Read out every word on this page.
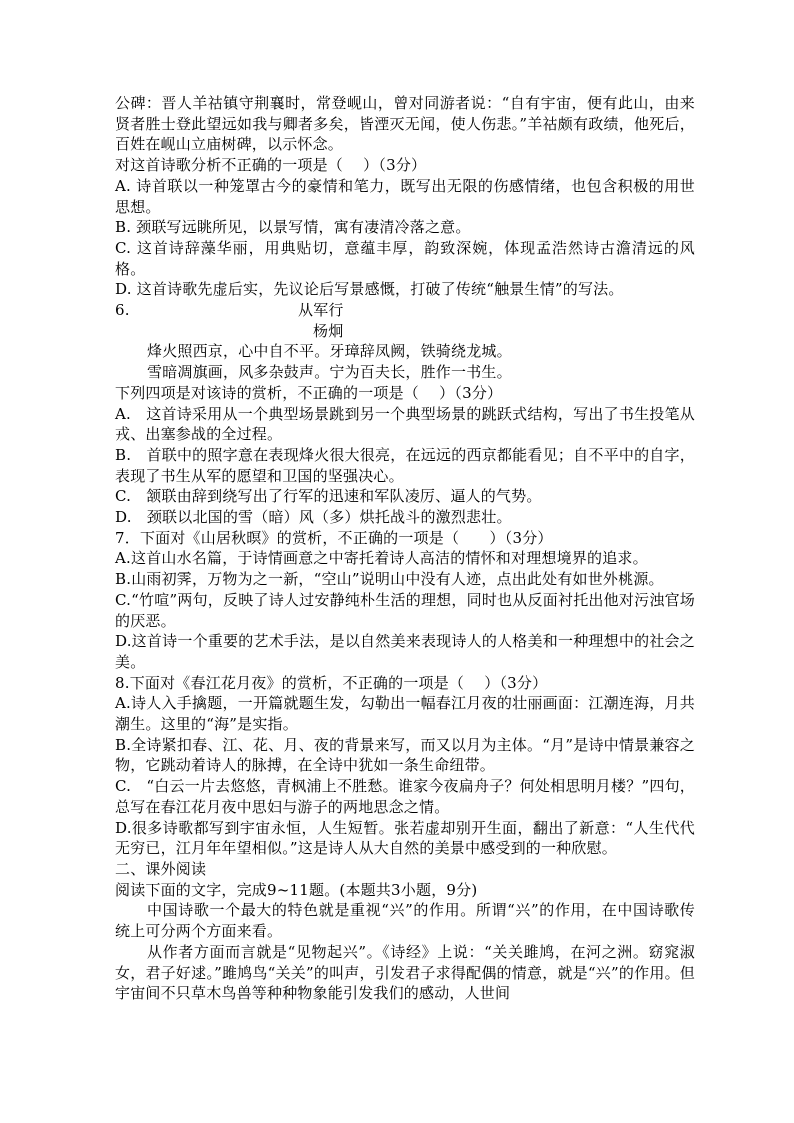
公碑：晋人羊祜镇守荆襄时，常登岘山，曾对同游者说：“自有宇宙，便有此山，由来贤者胜士登此望远如我与卿者多矣，皆湮灭无闻，使人伤悲。”羊祜颇有政绩，他死后，百姓在岘山立庙树碑，以示怀念。

对这首诗歌分析不正确的一项是（　 ）（3分）

A. 诗首联以一种笼罩古今的豪情和笔力，既写出无限的伤感情绪，也包含积极的用世思想。

B. 颈联写远眺所见，以景写情，寓有凄清冷落之意。

C. 这首诗辞藻华丽，用典贴切，意蕴丰厚，韵致深婉，体现孟浩然诗古澹清远的风格。

D. 这首诗歌先虚后实，先议论后写景感慨，打破了传统“触景生情”的写法。

6.	从军行

杨炯

烽火照西京，心中自不平。牙璋辞凤阙，铁骑绕龙城。

雪暗凋旗画，风多杂鼓声。宁为百夫长，胜作一书生。

下列四项是对该诗的赏析，不正确的一项是（　 ）（3分）

A.　这首诗采用从一个典型场景跳到另一个典型场景的跳跃式结构，写出了书生投笔从戎、出塞参战的全过程。

B.　首联中的照字意在表现烽火很大很亮，在远远的西京都能看见；自不平中的自字，表现了书生从军的愿望和卫国的坚强决心。

C.　颔联由辞到绕写出了行军的迅速和军队凌厉、逼人的气势。

D.　颈联以北国的雪（暗）风（多）烘托战斗的激烈悲壮。

7．下面对《山居秋暝》的赏析，不正确的一项是（　　）（3分）

A.这首山水名篇，于诗情画意之中寄托着诗人高洁的情怀和对理想境界的追求。

B.山雨初霁，万物为之一新，“空山”说明山中没有人迹，点出此处有如世外桃源。

C.“竹喧”两句，反映了诗人过安静纯朴生活的理想，同时也从反面衬托出他对污浊官场的厌恶。

D.这首诗一个重要的艺术手法，是以自然美来表现诗人的人格美和一种理想中的社会之美。

8.下面对《春江花月夜》的赏析，不正确的一项是（　 ）（3分）

A.诗人入手擒题，一开篇就题生发，勾勒出一幅春江月夜的壮丽画面：江潮连海，月共潮生。这里的“海”是实指。

B.全诗紧扣春、江、花、月、夜的背景来写，而又以月为主体。“月”是诗中情景兼容之物，它跳动着诗人的脉搏，在全诗中犹如一条生命纽带。

C.　“白云一片去悠悠，青枫浦上不胜愁。谁家今夜扁舟子？何处相思明月楼？”四句，总写在春江花月夜中思妇与游子的两地思念之情。

D.很多诗歌都写到宇宙永恒，人生短暂。张若虚却别开生面，翻出了新意：“人生代代无穷已，江月年年望相似。”这是诗人从大自然的美景中感受到的一种欣慰。

二、课外阅读

阅读下面的文字，完成9~11题。(本题共3小题，9分)

中国诗歌一个最大的特色就是重视“兴”的作用。所谓“兴”的作用，在中国诗歌传统上可分两个方面来看。

从作者方面而言就是“见物起兴”。《诗经》上说：“关关雎鸠，在河之洲。窈窕淑女，君子好逑。”雎鸠鸟“关关”的叫声，引发君子求得配偶的情意，就是“兴”的作用。但宇宙间不只草木鸟兽等种种物象能引发我们的感动，人世间
